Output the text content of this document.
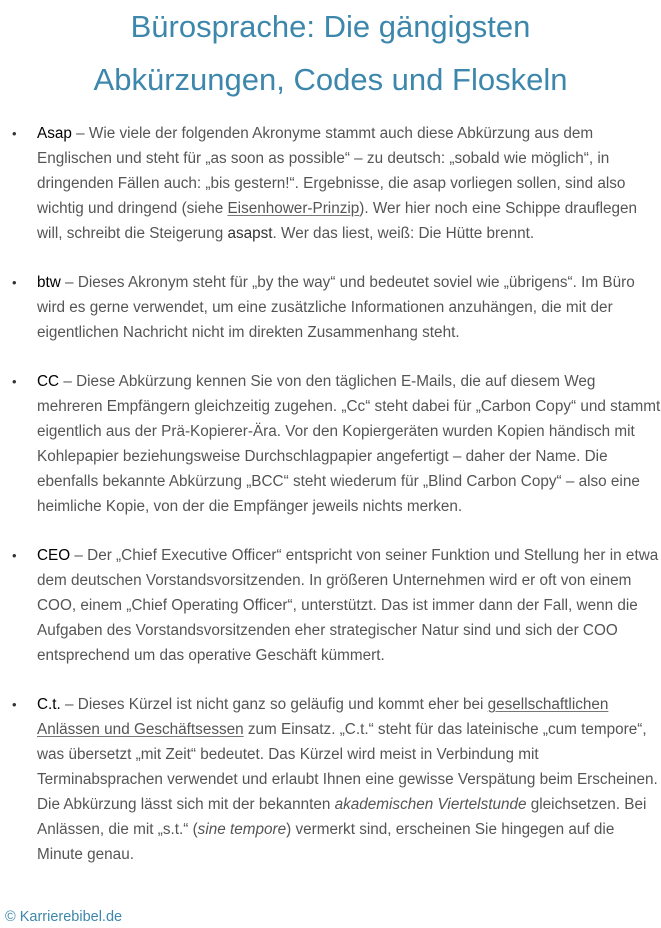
Bürosprache: Die gängigsten
Abkürzungen, Codes und Floskeln
• Asap – Wie viele der folgenden Akronyme stammt auch diese Abkürzung aus dem Englischen und steht für „as soon as possible“ – zu deutsch: „sobald wie möglich“, in dringenden Fällen auch: „bis gestern!“. Ergebnisse, die asap vorliegen sollen, sind also wichtig und dringend (siehe Eisenhower-Prinzip). Wer hier noch eine Schippe drauflegen will, schreibt die Steigerung asapst. Wer das liest, weiß: Die Hütte brennt.
• btw – Dieses Akronym steht für „by the way“ und bedeutet soviel wie „übrigens“. Im Büro wird es gerne verwendet, um eine zusätzliche Informationen anzuhängen, die mit der eigentlichen Nachricht nicht im direkten Zusammenhang steht.
• CC – Diese Abkürzung kennen Sie von den täglichen E-Mails, die auf diesem Weg mehreren Empfängern gleichzeitig zugehen. „Cc“ steht dabei für „Carbon Copy“ und stammt eigentlich aus der Prä-Kopierer-Ära. Vor den Kopiergeräten wurden Kopien händisch mit Kohlepapier beziehungsweise Durchschlagpapier angefertigt – daher der Name. Die ebenfalls bekannte Abkürzung „BCC“ steht wiederum für „Blind Carbon Copy“ – also eine heimliche Kopie, von der die Empfänger jeweils nichts merken.
• CEO – Der „Chief Executive Officer“ entspricht von seiner Funktion und Stellung her in etwa dem deutschen Vorstandsvorsitzenden. In größeren Unternehmen wird er oft von einem COO, einem „Chief Operating Officer“, unterstützt. Das ist immer dann der Fall, wenn die Aufgaben des Vorstandsvorsitzenden eher strategischer Natur sind und sich der COO entsprechend um das operative Geschäft kümmert.
• C.t. – Dieses Kürzel ist nicht ganz so geläufig und kommt eher bei gesellschaftlichen Anlässen und Geschäftsessen zum Einsatz. „C.t.“ steht für das lateinische „cum tempore“, was übersetzt „mit Zeit“ bedeutet. Das Kürzel wird meist in Verbindung mit Terminabsprachen verwendet und erlaubt Ihnen eine gewisse Verspätung beim Erscheinen. Die Abkürzung lässt sich mit der bekannten akademischen Viertelstunde gleichsetzen. Bei Anlässen, die mit „s.t.“ (sine tempore) vermerkt sind, erscheinen Sie hingegen auf die Minute genau.
© Karrierebibel.de
